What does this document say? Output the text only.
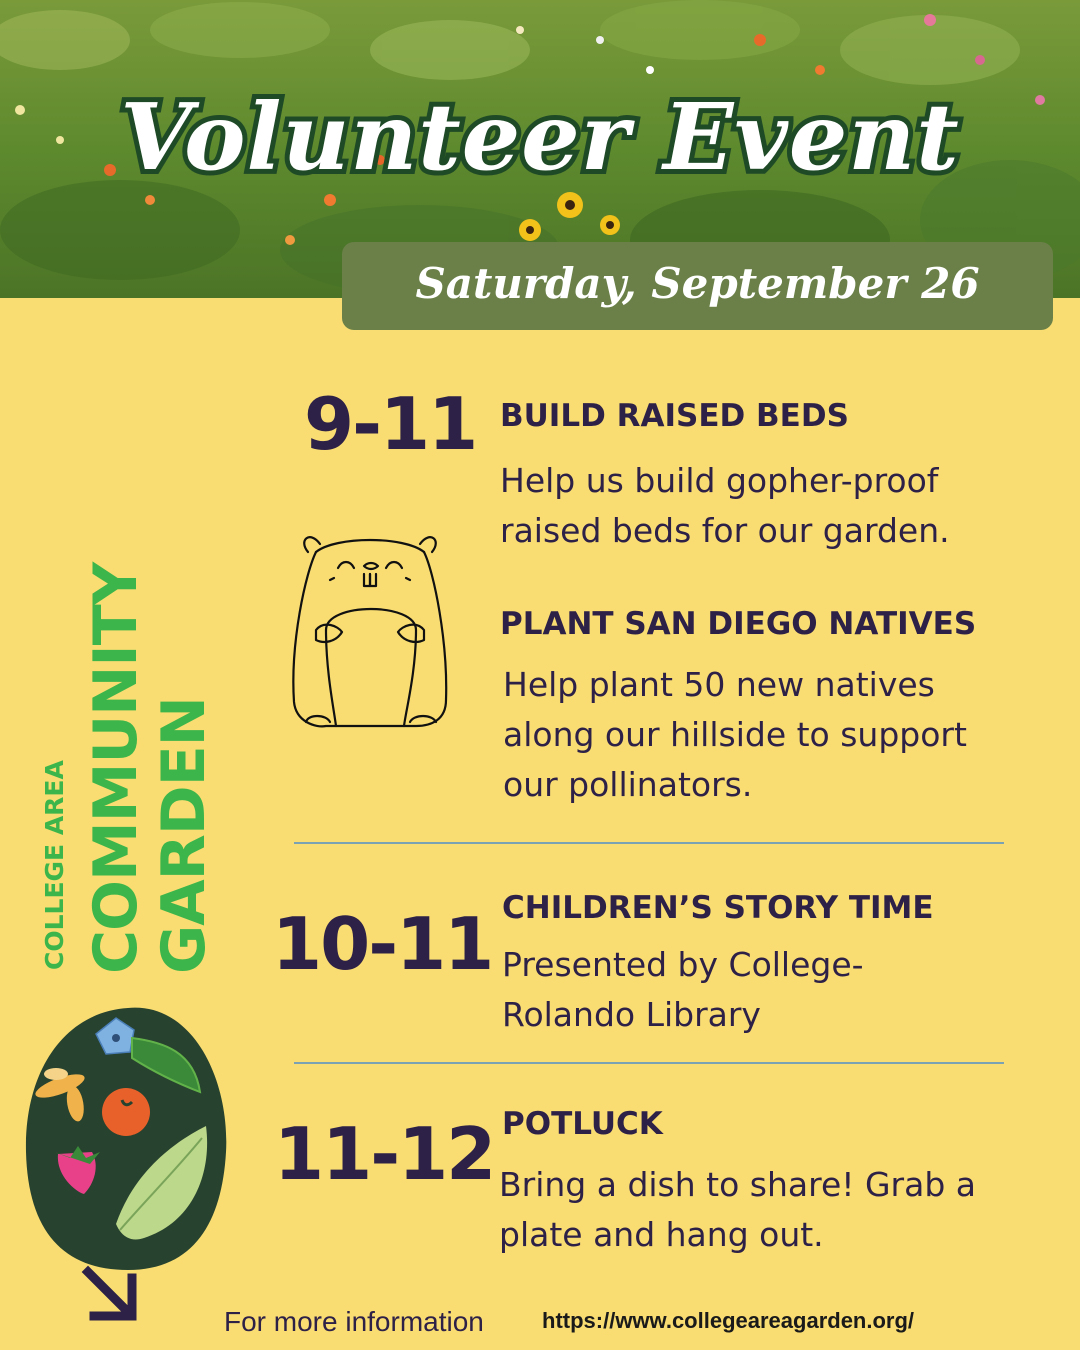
Volunteer Event
Saturday, September 26
9-11 BUILD RAISED BEDS
Help us build gopher-proof raised beds for our garden.
PLANT SAN DIEGO NATIVES
Help plant 50 new natives along our hillside to support our pollinators.
10-11 CHILDREN’S STORY TIME
Presented by College-Rolando Library
11-12 POTLUCK
Bring a dish to share! Grab a plate and hang out.
COLLEGE AREA COMMUNITY
GARDEN
For more information	https://www.collegeareagarden.org/
